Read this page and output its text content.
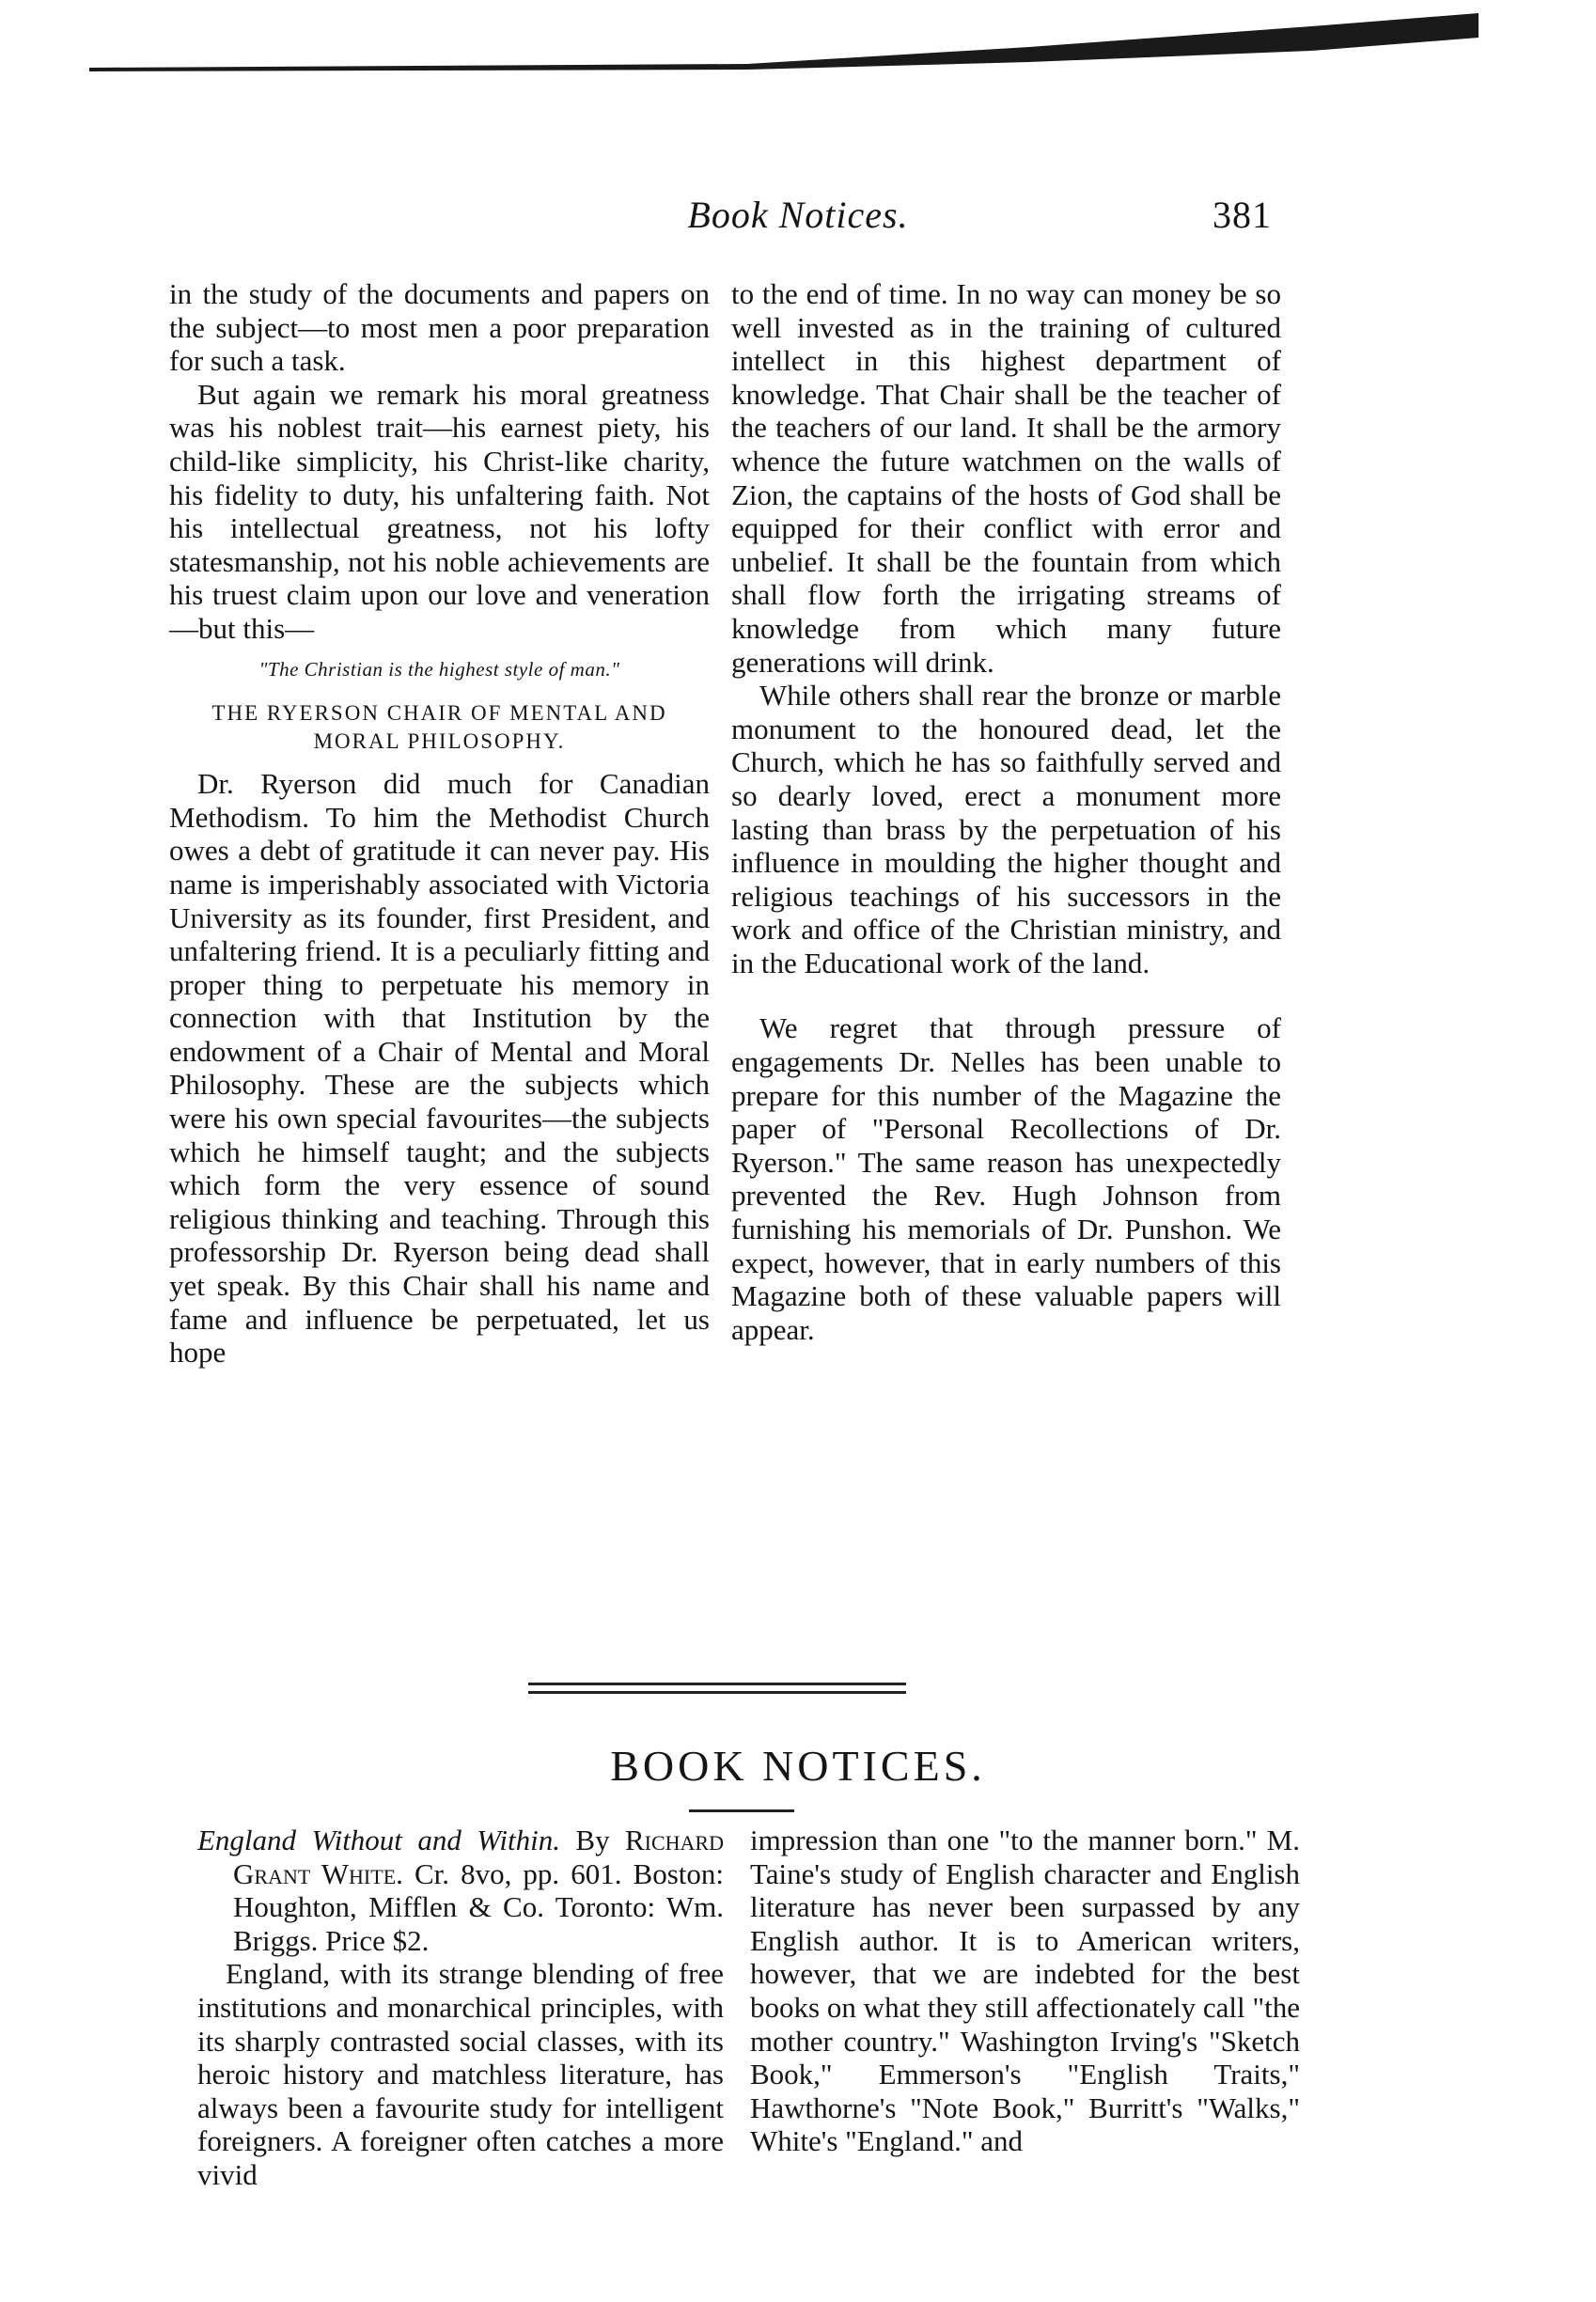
Book Notices.	381

in the study of the documents and papers on the subject—to most men a poor preparation for such a task.

But again we remark his moral greatness was his noblest trait—his earnest piety, his child-like simplicity, his Christ-like charity, his fidelity to duty, his unfaltering faith. Not his intellectual greatness, not his lofty statesmanship, not his noble achievements are his truest claim upon our love and veneration —but this—

"The Christian is the highest style of man."

THE RYERSON CHAIR OF MENTAL AND MORAL PHILOSOPHY.

Dr. Ryerson did much for Canadian Methodism. To him the Methodist Church owes a debt of gratitude it can never pay. His name is imperishably associated with Victoria University as its founder, first President, and unfaltering friend. It is a peculiarly fitting and proper thing to perpetuate his memory in connection with that Institution by the endowment of a Chair of Mental and Moral Philosophy. These are the subjects which were his own special favourites—the subjects which he himself taught; and the subjects which form the very essence of sound religious thinking and teaching. Through this professorship Dr. Ryerson being dead shall yet speak. By this Chair shall his name and fame and influence be perpetuated, let us hope

to the end of time. In no way can money be so well invested as in the training of cultured intellect in this highest department of knowledge. That Chair shall be the teacher of the teachers of our land. It shall be the armory whence the future watchmen on the walls of Zion, the captains of the hosts of God shall be equipped for their conflict with error and unbelief. It shall be the fountain from which shall flow forth the irrigating streams of knowledge from which many future generations will drink.

While others shall rear the bronze or marble monument to the honoured dead, let the Church, which he has so faithfully served and so dearly loved, erect a monument more lasting than brass by the perpetuation of his influence in moulding the higher thought and religious teachings of his successors in the work and office of the Christian ministry, and in the Educational work of the land.

We regret that through pressure of engagements Dr. Nelles has been unable to prepare for this number of the Magazine the paper of "Personal Recollections of Dr. Ryerson." The same reason has unexpectedly prevented the Rev. Hugh Johnson from furnishing his memorials of Dr. Punshon. We expect, however, that in early numbers of this Magazine both of these valuable papers will appear.

BOOK NOTICES.

England Without and Within. By Richard Grant White. Cr. 8vo, pp. 601. Boston: Houghton, Mifflen & Co. Toronto: Wm. Briggs. Price $2.

England, with its strange blending of free institutions and monarchical principles, with its sharply contrasted social classes, with its heroic history and matchless literature, has always been a favourite study for intelligent foreigners. A foreigner often catches a more vivid

impression than one "to the manner born." M. Taine's study of English character and English literature has never been surpassed by any English author. It is to American writers, however, that we are indebted for the best books on what they still affectionately call "the mother country." Washington Irving's "Sketch Book," Emmerson's "English Traits," Hawthorne's "Note Book," Burritt's "Walks," White's "England." and
